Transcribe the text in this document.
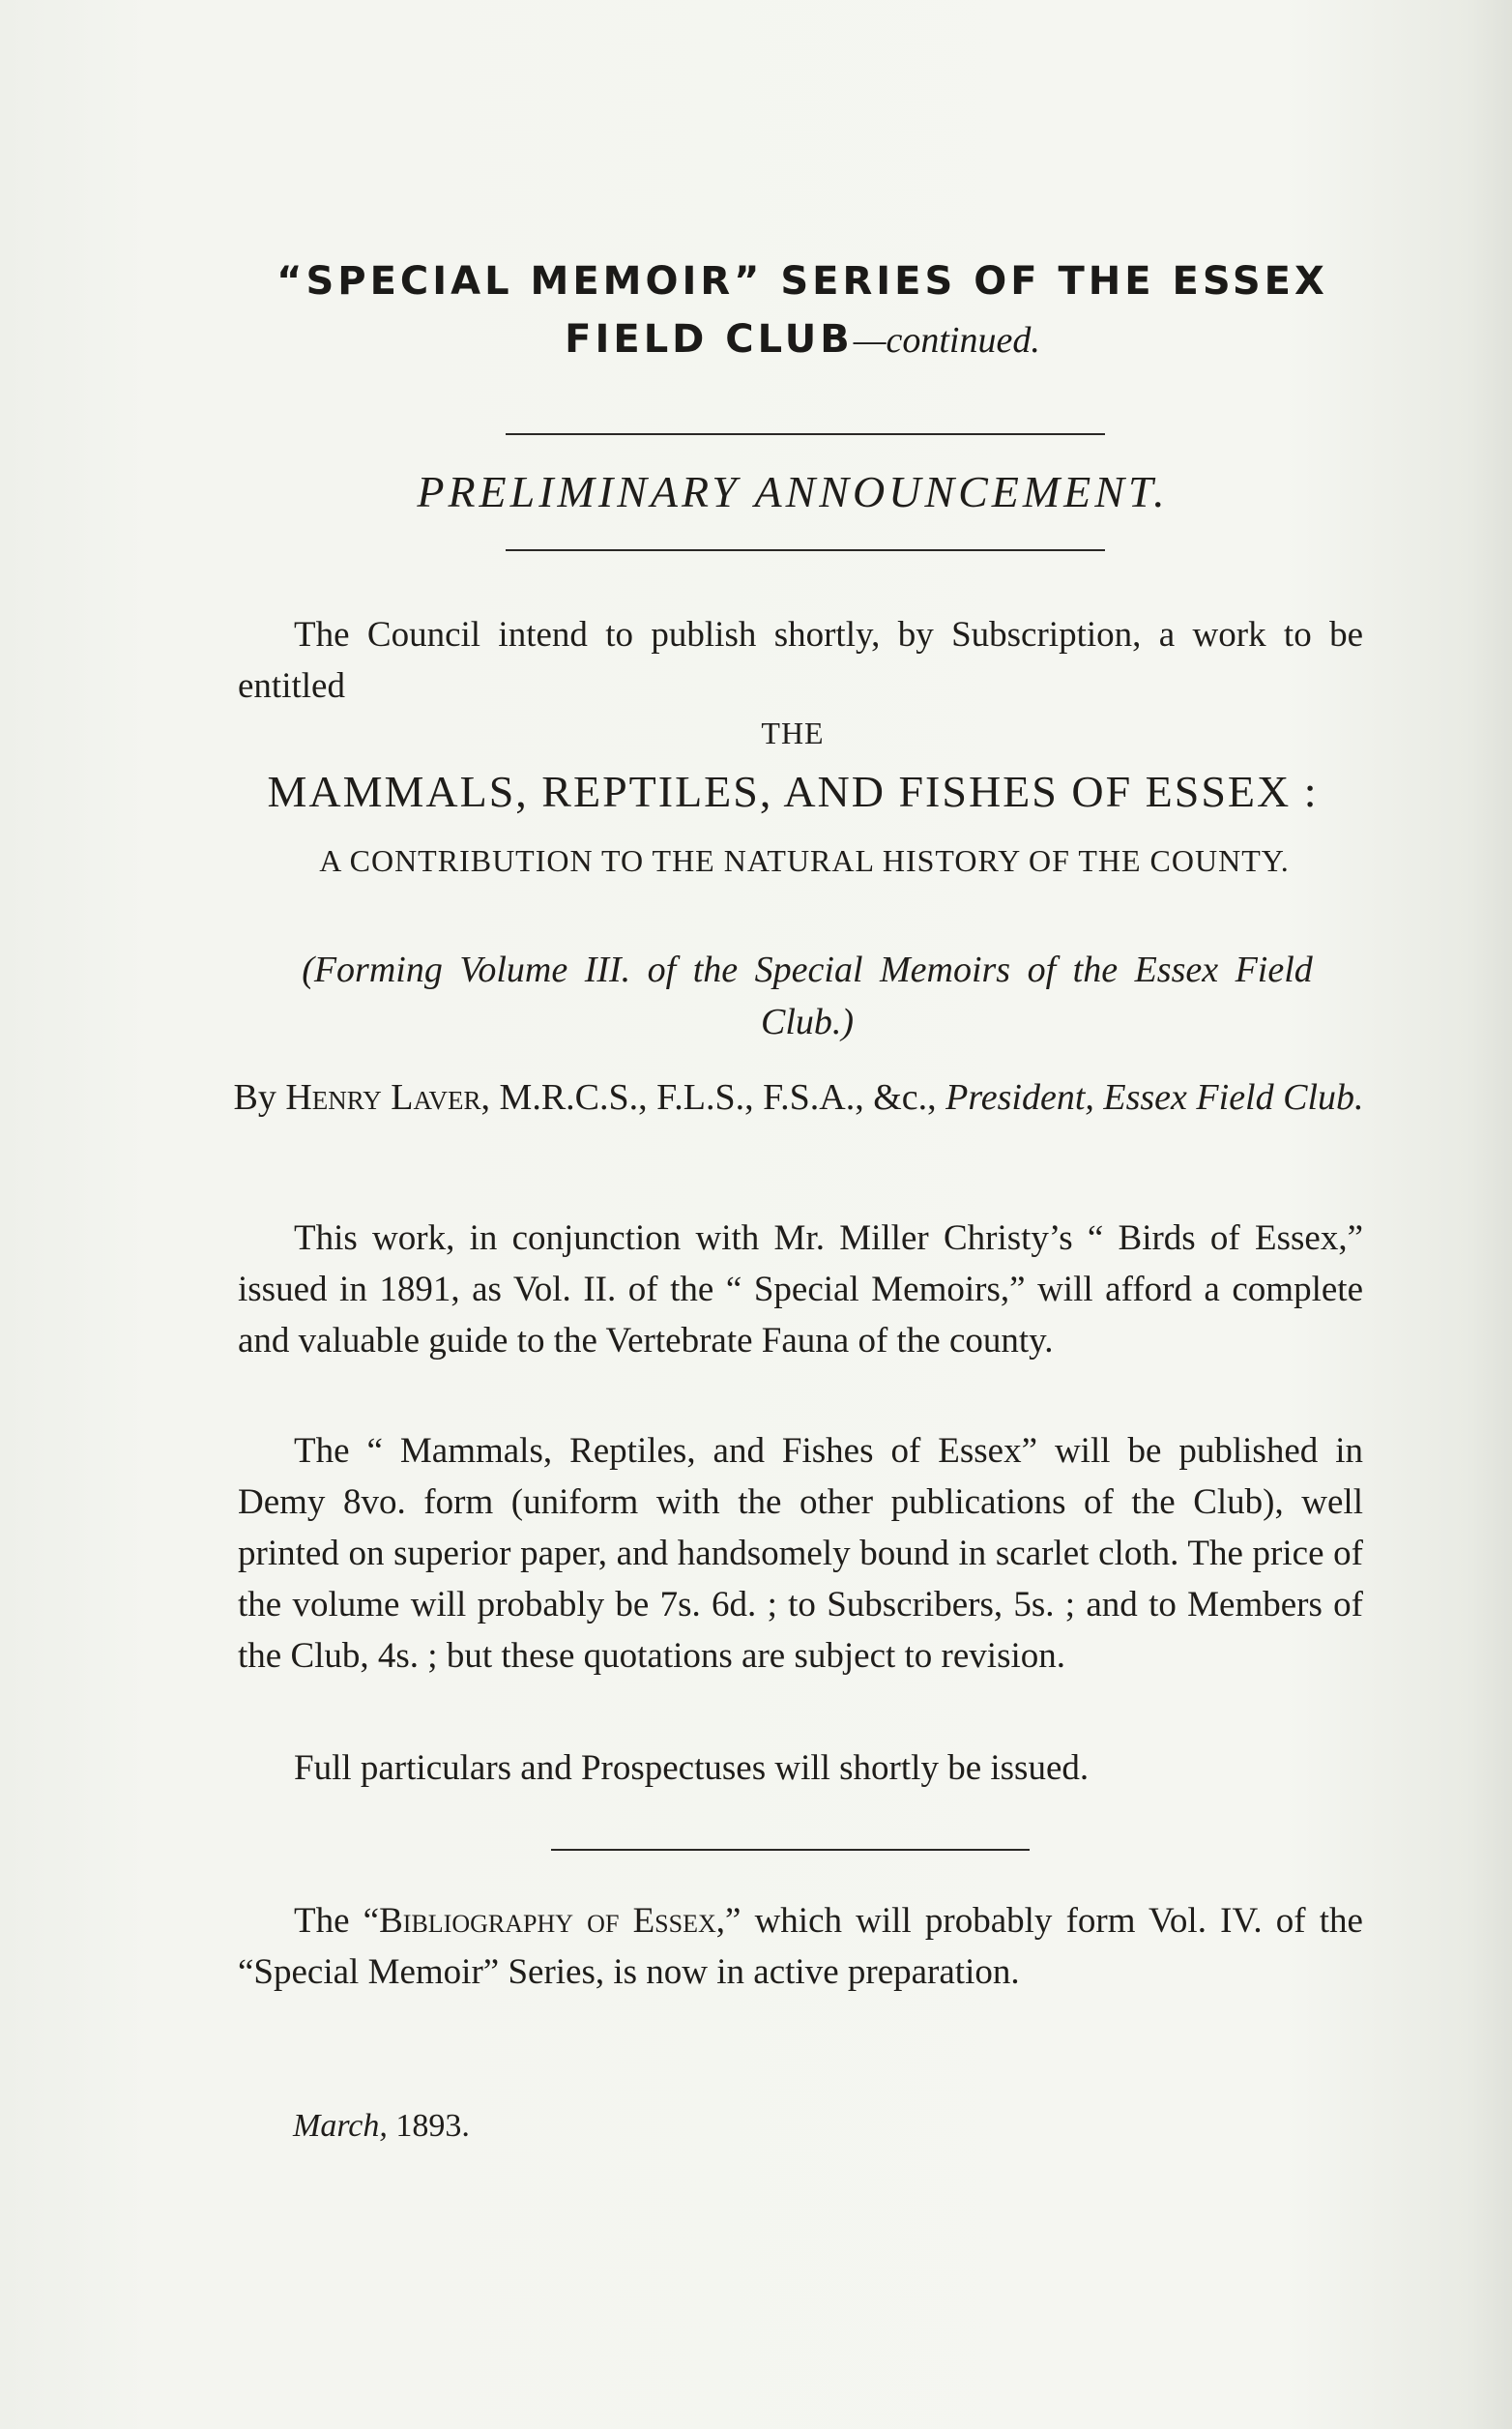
“SPECIAL MEMOIR” SERIES OF THE ESSEX
FIELD CLUB—continued.
PRELIMINARY ANNOUNCEMENT.

The Council intend to publish shortly, by Subscription, a work to be entitled

THE
MAMMALS, REPTILES, AND FISHES OF ESSEX :
A CONTRIBUTION TO THE NATURAL HISTORY OF THE COUNTY.
(Forming Volume III. of the Special Memoirs of the Essex Field Club.)
By Henry Laver, M.R.C.S., F.L.S., F.S.A., &c., President, Essex Field Club.

This work, in conjunction with Mr. Miller Christy’s “ Birds of Essex,” issued in 1891, as Vol. II. of the “ Special Memoirs,” will afford a complete and valuable guide to the Vertebrate Fauna of the county.

The “ Mammals, Reptiles, and Fishes of Essex” will be published in Demy 8vo. form (uniform with the other publications of the Club), well printed on superior paper, and handsomely bound in scarlet cloth. The price of the volume will probably be 7s. 6d. ; to Subscribers, 5s. ; and to Members of the Club, 4s. ; but these quotations are subject to revision.

Full particulars and Prospectuses will shortly be issued.

The “Bibliography of Essex,” which will probably form Vol. IV. of the “Special Memoir” Series, is now in active preparation.

March, 1893.
